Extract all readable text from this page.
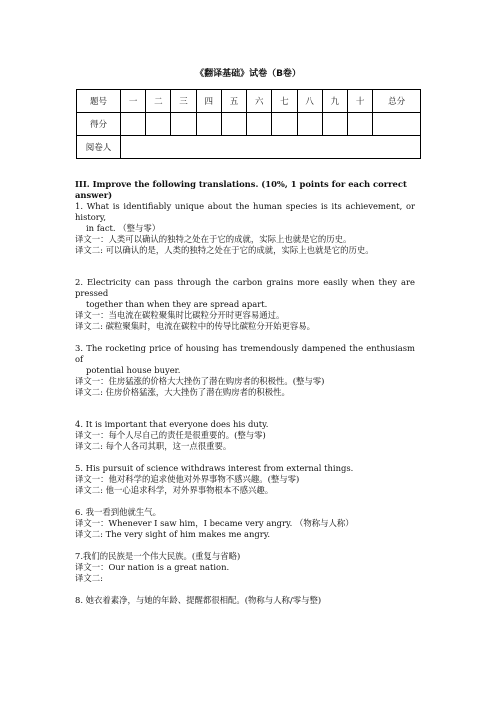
《翻译基础》试卷（B卷）
题号	一	二	三	四	五	六	七	八	九	十	总分
得分											
阅卷人											

III. Improve the following translations. (10%, 1 points for each correct answer)

1. What is identifiably unique about the human species is its achievement, or history,

in fact. （整与零）

译文一：人类可以确认的独特之处在于它的成就，实际上也就是它的历史。

译文二: 可以确认的是，人类的独特之处在于它的成就，实际上也就是它的历史。

2. Electricity can pass through the carbon grains more easily when they are pressed

together than when they are spread apart.

译文一：当电流在碳粒聚集时比碳粒分开时更容易通过。

译文二: 碳粒聚集时，电流在碳粒中的传导比碳粒分开始更容易。

3. The rocketing price of housing has tremendously dampened the enthusiasm of

potential house buyer.

译文一：住房猛涨的价格大大挫伤了潜在购房者的积极性。(整与零)

译文二: 住房价格猛涨，大大挫伤了潜在购房者的积极性。

4. It is important that everyone does his duty.

译文一：每个人尽自己的责任是很重要的。(整与零)

译文二: 每个人各司其职，这一点很重要。

5. His pursuit of science withdraws interest from external things.

译文一：他对科学的追求使他对外界事物不感兴趣。(整与零)

译文二: 他一心追求科学，对外界事物根本不感兴趣。

6. 我一看到他就生气。

译文一：Whenever I saw him，I became very angry. （物称与人称）

译文二: The very sight of him makes me angry.

7.我们的民族是一个伟大民族。(重复与省略)

译文一：Our nation is a great nation.

译文二:

8. 她衣着素净，与她的年龄、提醒都很相配。(物称与人称/零与整)
